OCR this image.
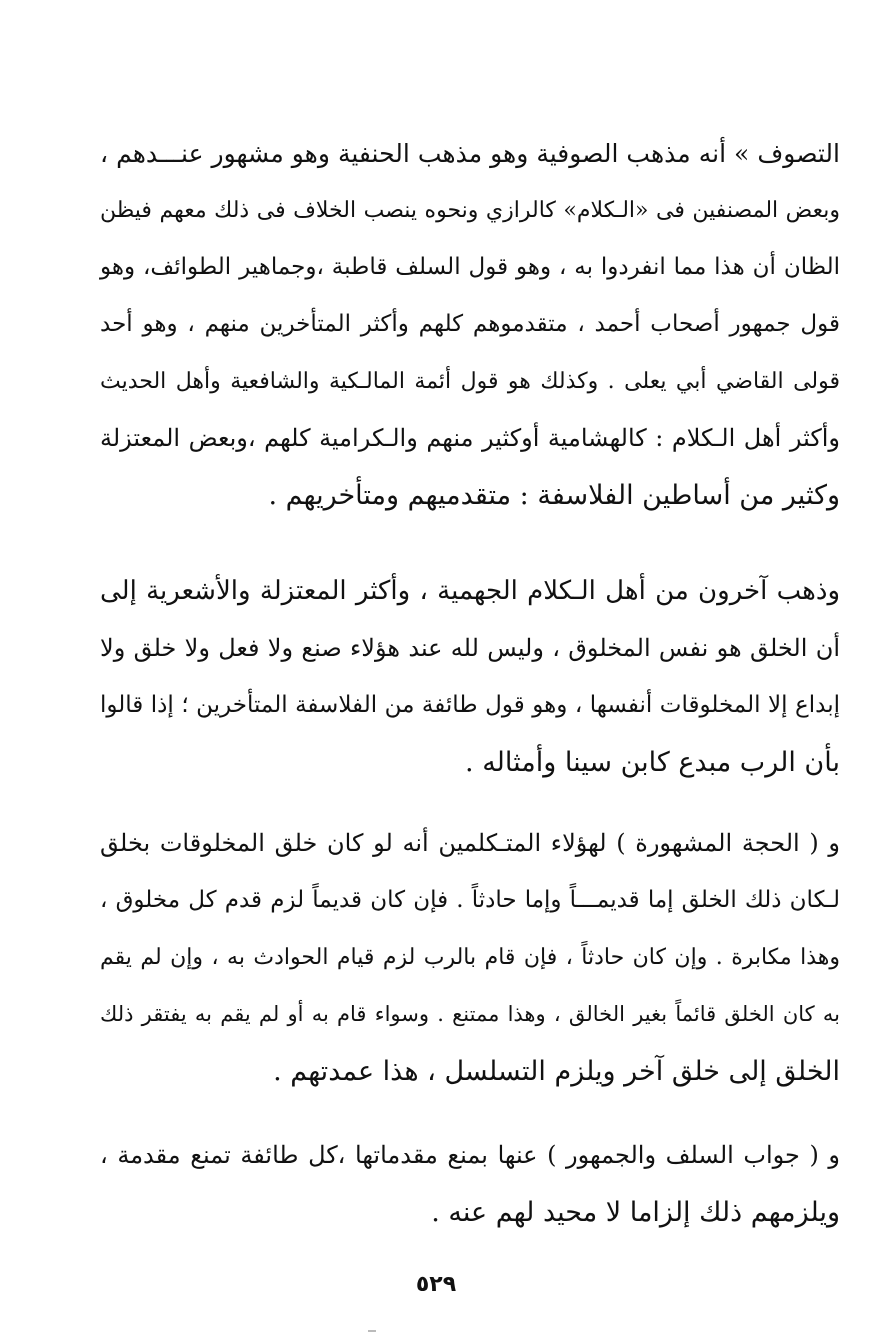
التصوف » أنه مذهب الصوفية وهو مذهب الحنفية وهو مشهور عنـــدهم ،
وبعض المصنفين فى «الـكلام» كالرازي ونحوه ينصب الخلاف فى ذلك معهم فيظن
الظان أن هذا مما انفردوا به ، وهو قول السلف قاطبة ،وجماهير الطوائف، وهو
قول جمهور أصحاب أحمد ، متقدموهم كلهم وأكثر المتأخرين منهم ، وهو أحد
قولى القاضي أبي يعلى . وكذلك هو قول أئمة المالـكية والشافعية وأهل الحديث
وأكثر أهل الـكلام : كالهشامية أوكثير منهم والـكرامية كلهم ،وبعض المعتزلة
وكثير من أساطين الفلاسفة : متقدميهم ومتأخريهم .
وذهب آخرون من أهل الـكلام الجهمية ، وأكثر المعتزلة والأشعرية إلى
أن الخلق هو نفس المخلوق ، وليس لله عند هؤلاء صنع ولا فعل ولا خلق ولا
إبداع إلا المخلوقات أنفسها ، وهو قول طائفة من الفلاسفة المتأخرين ؛ إذا قالوا
بأن الرب مبدع كابن سينا وأمثاله .
و ( الحجة المشهورة ) لهؤلاء المتـكلمين أنه لو كان خلق المخلوقات بخلق
لـكان ذلك الخلق إما قديمـــاً وإما حادثاً . فإن كان قديماً لزم قدم كل مخلوق ،
وهذا مكابرة . وإن كان حادثاً ، فإن قام بالرب لزم قيام الحوادث به ، وإن لم يقم
به كان الخلق قائماً بغير الخالق ، وهذا ممتنع . وسواء قام به أو لم يقم به يفتقر ذلك
الخلق إلى خلق آخر ويلزم التسلسل ، هذا عمدتهم .
و ( جواب السلف والجمهور ) عنها بمنع مقدماتها ،كل طائفة تمنع مقدمة ،
ويلزمهم ذلك إلزاما لا محيد لهم عنه .
٥٢٩
